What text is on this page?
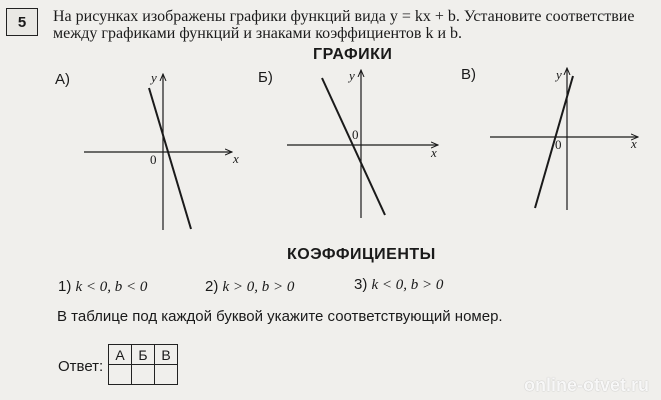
5	На рисунках изображены графики функций вида y = kx + b. Установите соответствие
между графиками функций и знаками коэффициентов k и b.
ГРАФИКИ
А)	Б)	В)
y
x
0
y
x
0
y
x
0
КОЭФФИЦИЕНТЫ
1) k < 0, b < 0	2) k > 0, b > 0	3) k < 0, b > 0
В таблице под каждой буквой укажите соответствующий номер.
Ответ:
А	Б	В

online-otvet.ru
